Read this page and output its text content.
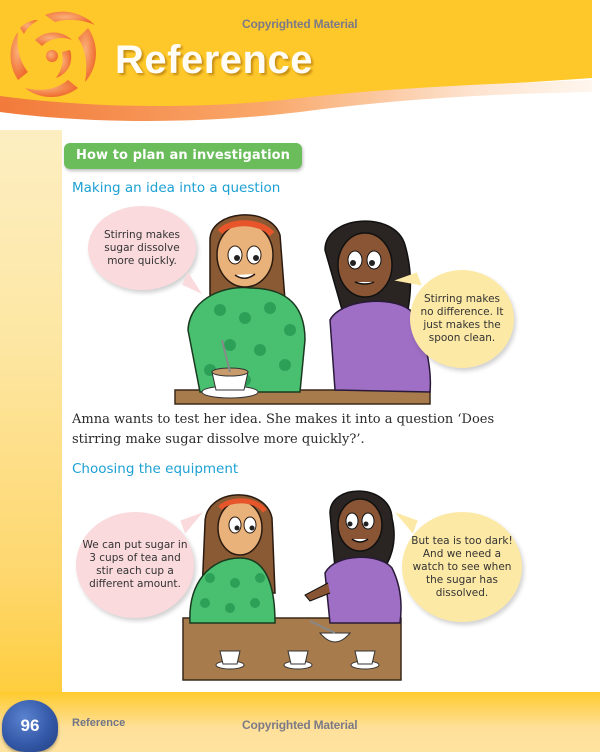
Reference
Copyrighted Material
How to plan an investigation
Making an idea into a question
Stirring makes sugar dissolve more quickly.
Stirring makes no difference. It just makes the spoon clean.
Amna wants to test her idea. She makes it into a question ‘Does stirring make sugar dissolve more quickly?’.
Choosing the equipment
We can put sugar in 3 cups of tea and stir each cup a different amount.
But tea is too dark! And we need a watch to see when the sugar has dissolved.
96	Reference	Copyrighted Material
